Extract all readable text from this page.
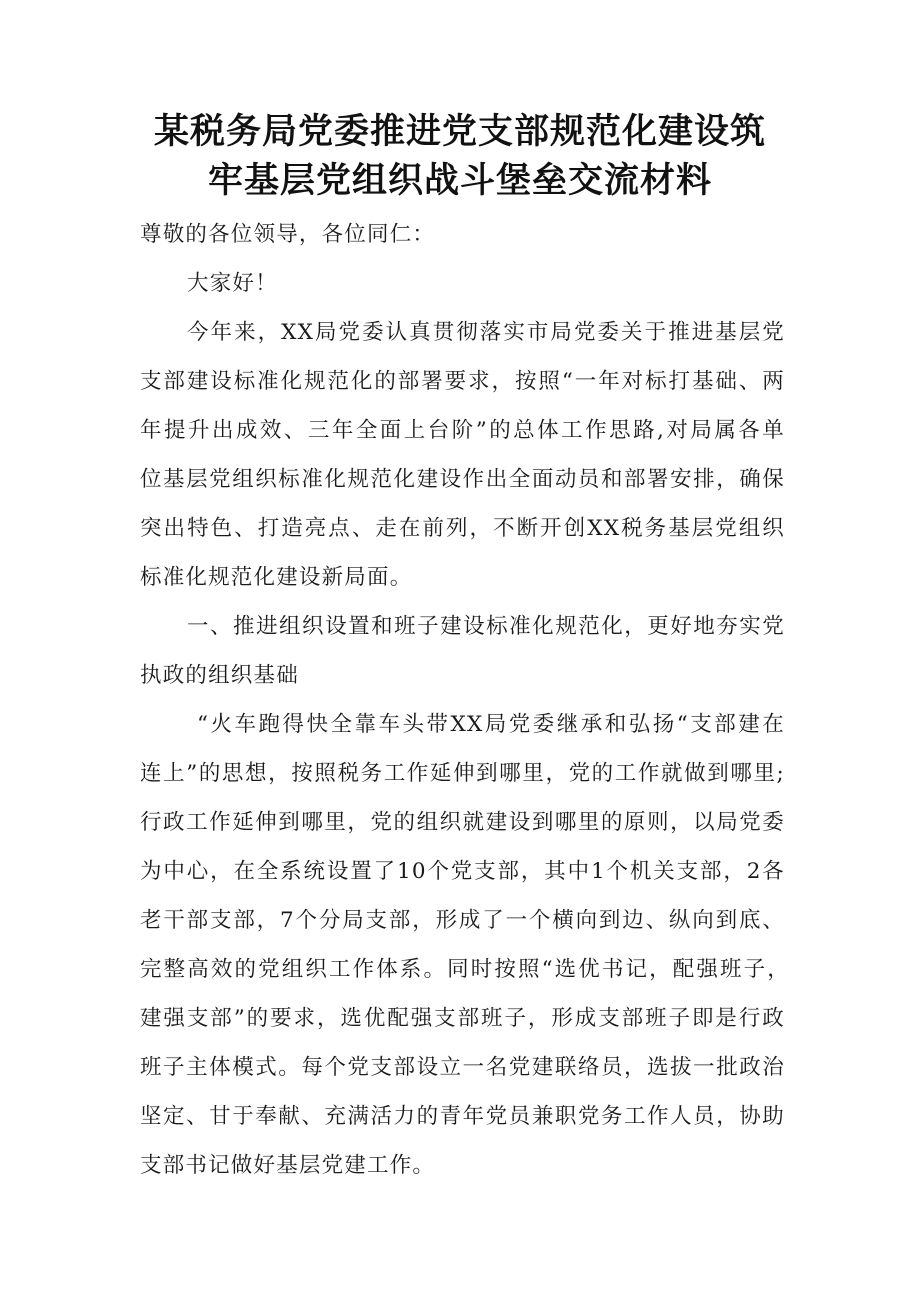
某税务局党委推进党支部规范化建设筑
牢基层党组织战斗堡垒交流材料
尊敬的各位领导，各位同仁：
大家好！
今年来，XX局党委认真贯彻落实市局党委关于推进基层党
支部建设标准化规范化的部署要求，按照“一年对标打基础、两
年提升出成效、三年全面上台阶”的总体工作思路,对局属各单
位基层党组织标准化规范化建设作出全面动员和部署安排，确保
突出特色、打造亮点、走在前列，不断开创XX税务基层党组织
标准化规范化建设新局面。
一、推进组织设置和班子建设标准化规范化，更好地夯实党
执政的组织基础
“火车跑得快全靠车头带XX局党委继承和弘扬“支部建在
连上”的思想，按照税务工作延伸到哪里，党的工作就做到哪里;
行政工作延伸到哪里，党的组织就建设到哪里的原则，以局党委
为中心，在全系统设置了10个党支部，其中1个机关支部，2各
老干部支部，7个分局支部，形成了一个横向到边、纵向到底、
完整高效的党组织工作体系。同时按照“选优书记，配强班子，
建强支部”的要求，选优配强支部班子，形成支部班子即是行政
班子主体模式。每个党支部设立一名党建联络员，选拔一批政治
坚定、甘于奉献、充满活力的青年党员兼职党务工作人员，协助
支部书记做好基层党建工作。
